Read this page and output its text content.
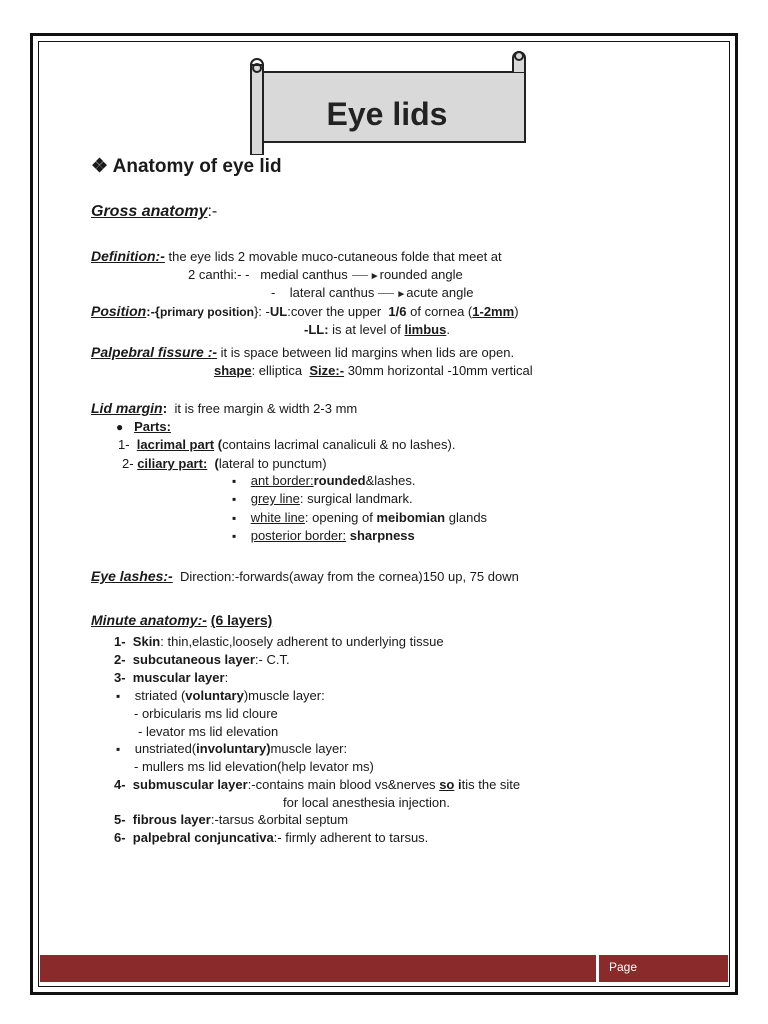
Eye lids
❖ Anatomy of eye lid
Gross anatomy:-
Definition:- the eye lids 2 movable muco-cutaneous folde that meet at
2 canthi:- - medial canthus ►rounded angle
- lateral canthus ►acute angle
Position:-{primary position}: -UL:cover the upper 1/6 of cornea (1-2mm)
-LL: is at level of limbus.
Palpebral fissure :- it is space between lid margins when lids are open.
shape: elliptica Size:- 30mm horizontal -10mm vertical
Lid margin: it is free margin & width 2-3 mm
● Parts:
1- lacrimal part (contains lacrimal canaliculi & no lashes).
2- ciliary part: (lateral to punctum)
▪ ant border:rounded&lashes.
▪ grey line: surgical landmark.
▪ white line: opening of meibomian glands
▪ posterior border: sharpness
Eye lashes:- Direction:-forwards(away from the cornea)150 up, 75 down
Minute anatomy:- (6 layers)
1- Skin: thin,elastic,loosely adherent to underlying tissue
2- subcutaneous layer:- C.T.
3- muscular layer:
▪ striated (voluntary)muscle layer:
- orbicularis ms lid cloure
- levator ms lid elevation
▪ unstriated(involuntary)muscle layer:
- mullers ms lid elevation(help levator ms)
4- submuscular layer:-contains main blood vs&nerves so itis the site
for local anesthesia injection.
5- fibrous layer:-tarsus &orbital septum
6- palpebral conjuncativa:- firmly adherent to tarsus.
Page
